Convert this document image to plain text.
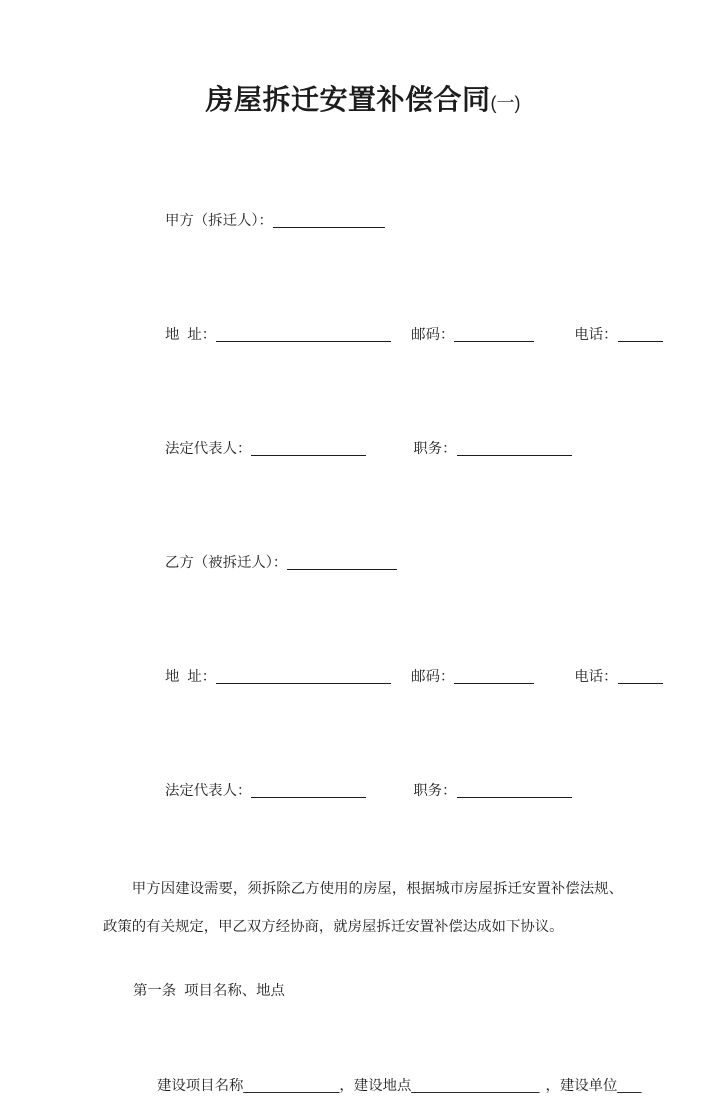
房屋拆迁安置补偿合同(一)

甲方（拆迁人）：

地  址：	邮码：	电话：

法定代表人：	职务：

乙方（被拆迁人）：

地  址：	邮码：	电话：

法定代表人：	职务：

甲方因建设需要，须拆除乙方使用的房屋，根据城市房屋拆迁安置补偿法规、政策的有关规定，甲乙双方经协商，就房屋拆迁安置补偿达成如下协议。

第一条  项目名称、地点

建设项目名称____________，建设地点________________ ，建设单位___
